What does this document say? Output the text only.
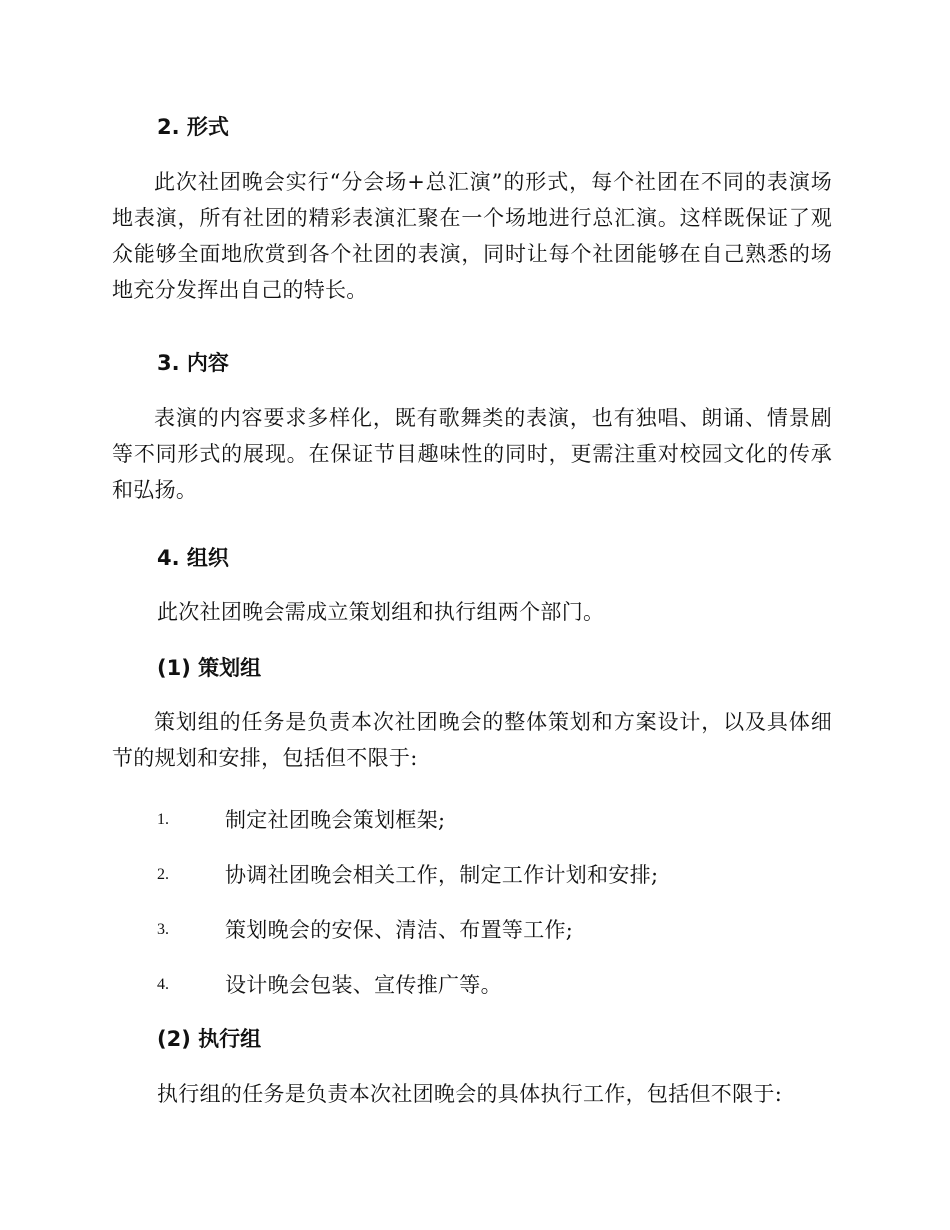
2. 形式
此次社团晚会实行“分会场+总汇演”的形式，每个社团在不同的表演场地表演，所有社团的精彩表演汇聚在一个场地进行总汇演。这样既保证了观众能够全面地欣赏到各个社团的表演，同时让每个社团能够在自己熟悉的场地充分发挥出自己的特长。
3. 内容
表演的内容要求多样化，既有歌舞类的表演，也有独唱、朗诵、情景剧等不同形式的展现。在保证节目趣味性的同时，更需注重对校园文化的传承和弘扬。
4. 组织
此次社团晚会需成立策划组和执行组两个部门。
(1) 策划组
策划组的任务是负责本次社团晚会的整体策划和方案设计，以及具体细节的规划和安排，包括但不限于:
1.	制定社团晚会策划框架;
2.	协调社团晚会相关工作，制定工作计划和安排;
3.	策划晚会的安保、清洁、布置等工作;
4.	设计晚会包装、宣传推广等。
(2) 执行组
执行组的任务是负责本次社团晚会的具体执行工作，包括但不限于:
